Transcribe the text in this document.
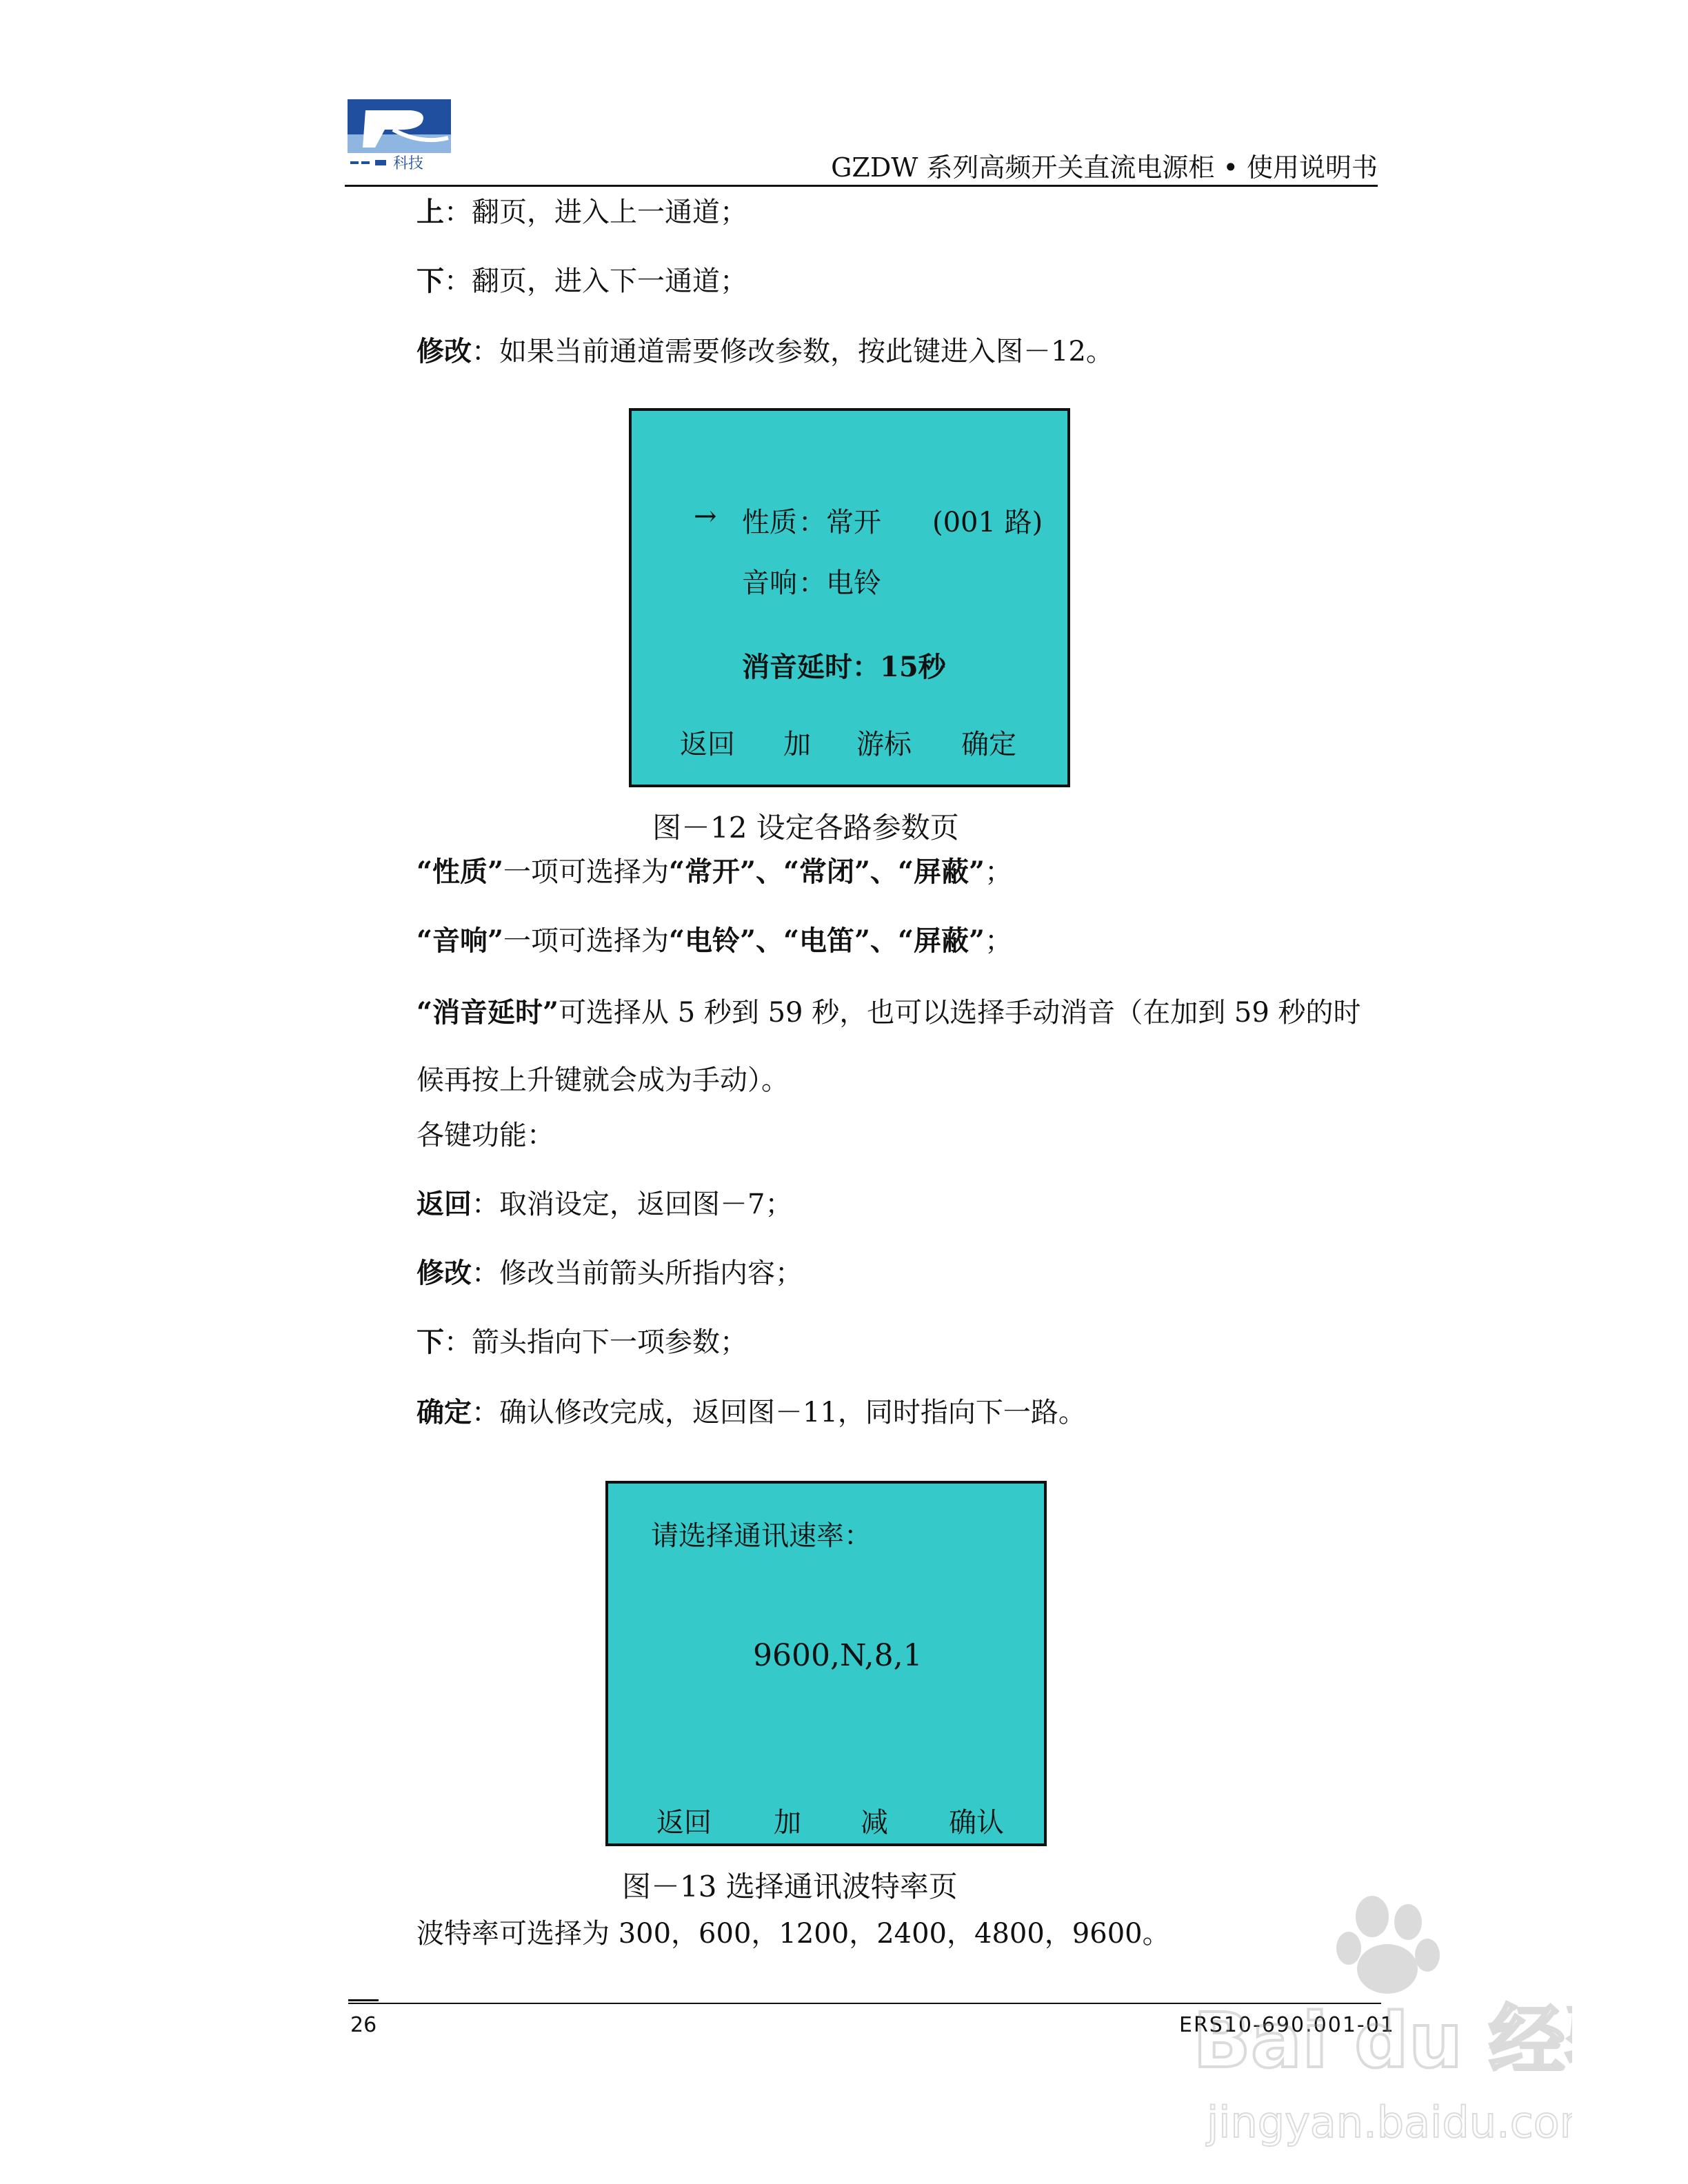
科技	GZDW 系列高频开关直流电源柜 • 使用说明书
上：翻页，进入上一通道；
下：翻页，进入下一通道；
修改：如果当前通道需要修改参数，按此键进入图－12。
→ 性质 ：常开 (001 路)
音响 ：电铃
消音延时：15秒
返回 加 游标 确定
图－12 设定各路参数页
“性质”一项可选择为“常开”、“常闭”、“屏蔽”；
“音响”一项可选择为“电铃”、“电笛”、“屏蔽”；
“消音延时”可选择从 5 秒到 59 秒，也可以选择手动消音（在加到 59 秒的时候再按上升键就会成为手动）。
各键功能：
返回：取消设定，返回图－7；
修改：修改当前箭头所指内容；
下：箭头指向下一项参数；
确定：确认修改完成，返回图－11，同时指向下一路。
请选择通讯速率：
9600,N,8,1
返回 加 减 确认
图－13 选择通讯波特率页
波特率可选择为 300，600，1200，2400，4800，9600。
26	ERS10-690.001-01
Bai du 经
jingyan.baidu.com
